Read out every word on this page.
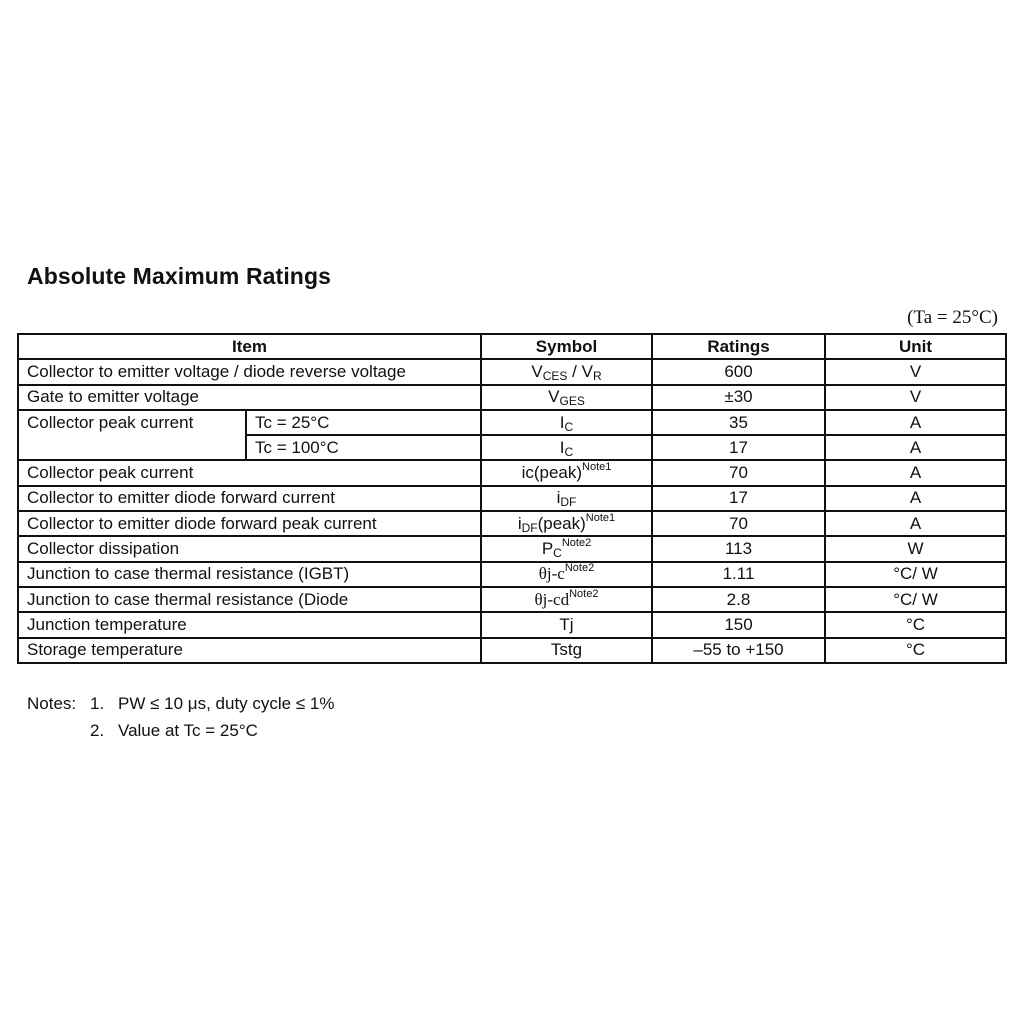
Absolute Maximum Ratings
(Ta = 25°C)
Item		Symbol	Ratings	Unit
Collector to emitter voltage / diode reverse voltage		$V_{CES} / V_R$	600	V
Gate to emitter voltage		$V_{GES}$	±30	V
Collector peak current	Tc = 25°C	$I_C$	35	A
	Tc = 100°C	$I_C$	17	A
Collector peak current		ic(peak)$^{Note1}$	70	A
Collector to emitter diode forward current		$i_{DF}$	17	A
Collector to emitter diode forward peak current		$i_{DF}(peak)^{Note1}$	70	A
Collector dissipation		$P_C^{Note2}$	113	W
Junction to case thermal resistance (IGBT)		$\theta j-c^{Note2}$	1.11	°C/ W
Junction to case thermal resistance (Diode		$\theta j-cd^{Note2}$	2.8	°C/ W
Junction temperature		Tj	150	°C
Storage temperature		Tstg	–55 to +150	°C
Notes: 1. PW ≤ 10 μs, duty cycle ≤ 1%
2. Value at Tc = 25°C
